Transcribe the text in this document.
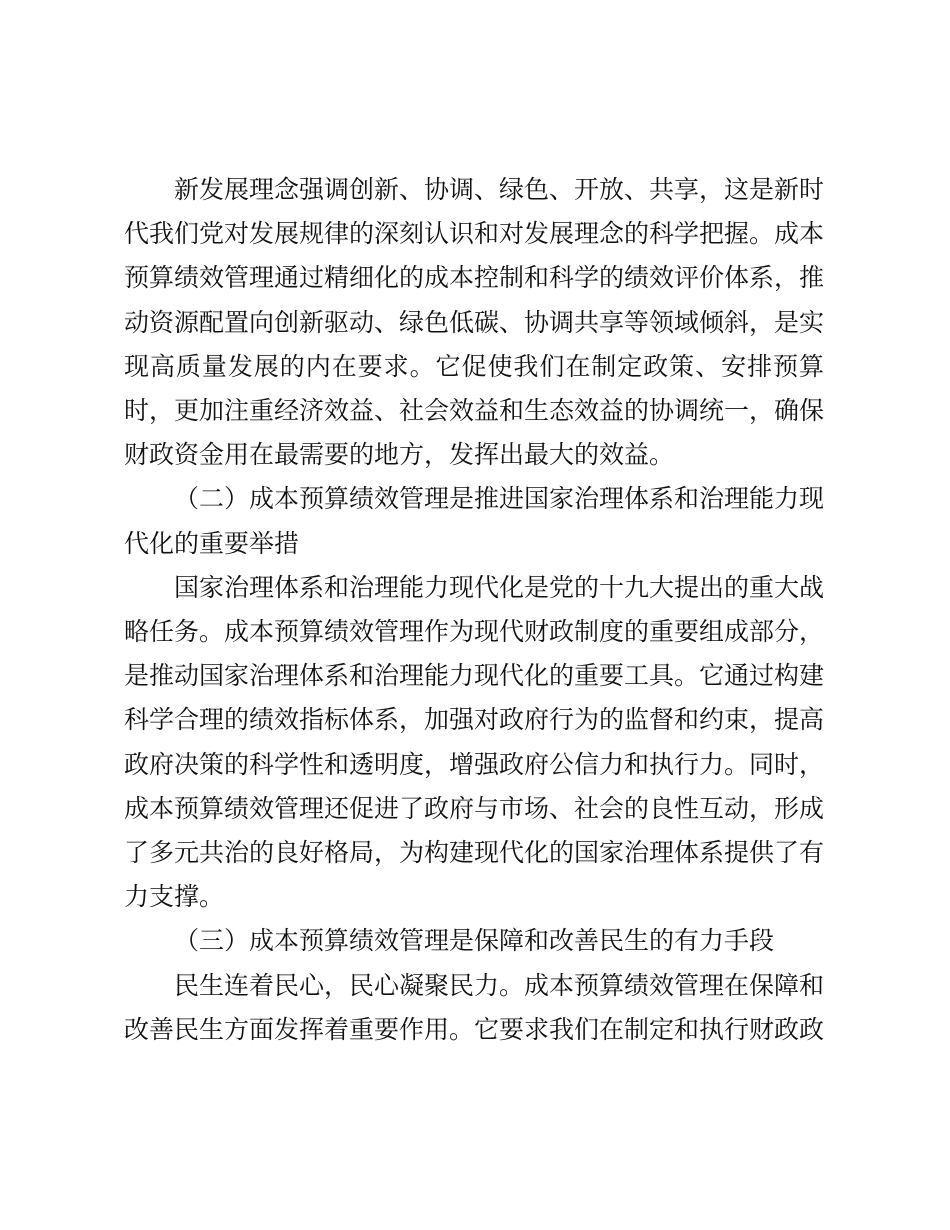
新发展理念强调创新、协调、绿色、开放、共享，这是新时代我们党对发展规律的深刻认识和对发展理念的科学把握。成本预算绩效管理通过精细化的成本控制和科学的绩效评价体系，推动资源配置向创新驱动、绿色低碳、协调共享等领域倾斜，是实现高质量发展的内在要求。它促使我们在制定政策、安排预算时，更加注重经济效益、社会效益和生态效益的协调统一，确保财政资金用在最需要的地方，发挥出最大的效益。

（二）成本预算绩效管理是推进国家治理体系和治理能力现代化的重要举措

国家治理体系和治理能力现代化是党的十九大提出的重大战略任务。成本预算绩效管理作为现代财政制度的重要组成部分，是推动国家治理体系和治理能力现代化的重要工具。它通过构建科学合理的绩效指标体系，加强对政府行为的监督和约束，提高政府决策的科学性和透明度，增强政府公信力和执行力。同时，成本预算绩效管理还促进了政府与市场、社会的良性互动，形成了多元共治的良好格局，为构建现代化的国家治理体系提供了有力支撑。

（三）成本预算绩效管理是保障和改善民生的有力手段

民生连着民心，民心凝聚民力。成本预算绩效管理在保障和改善民生方面发挥着重要作用。它要求我们在制定和执行财政政
